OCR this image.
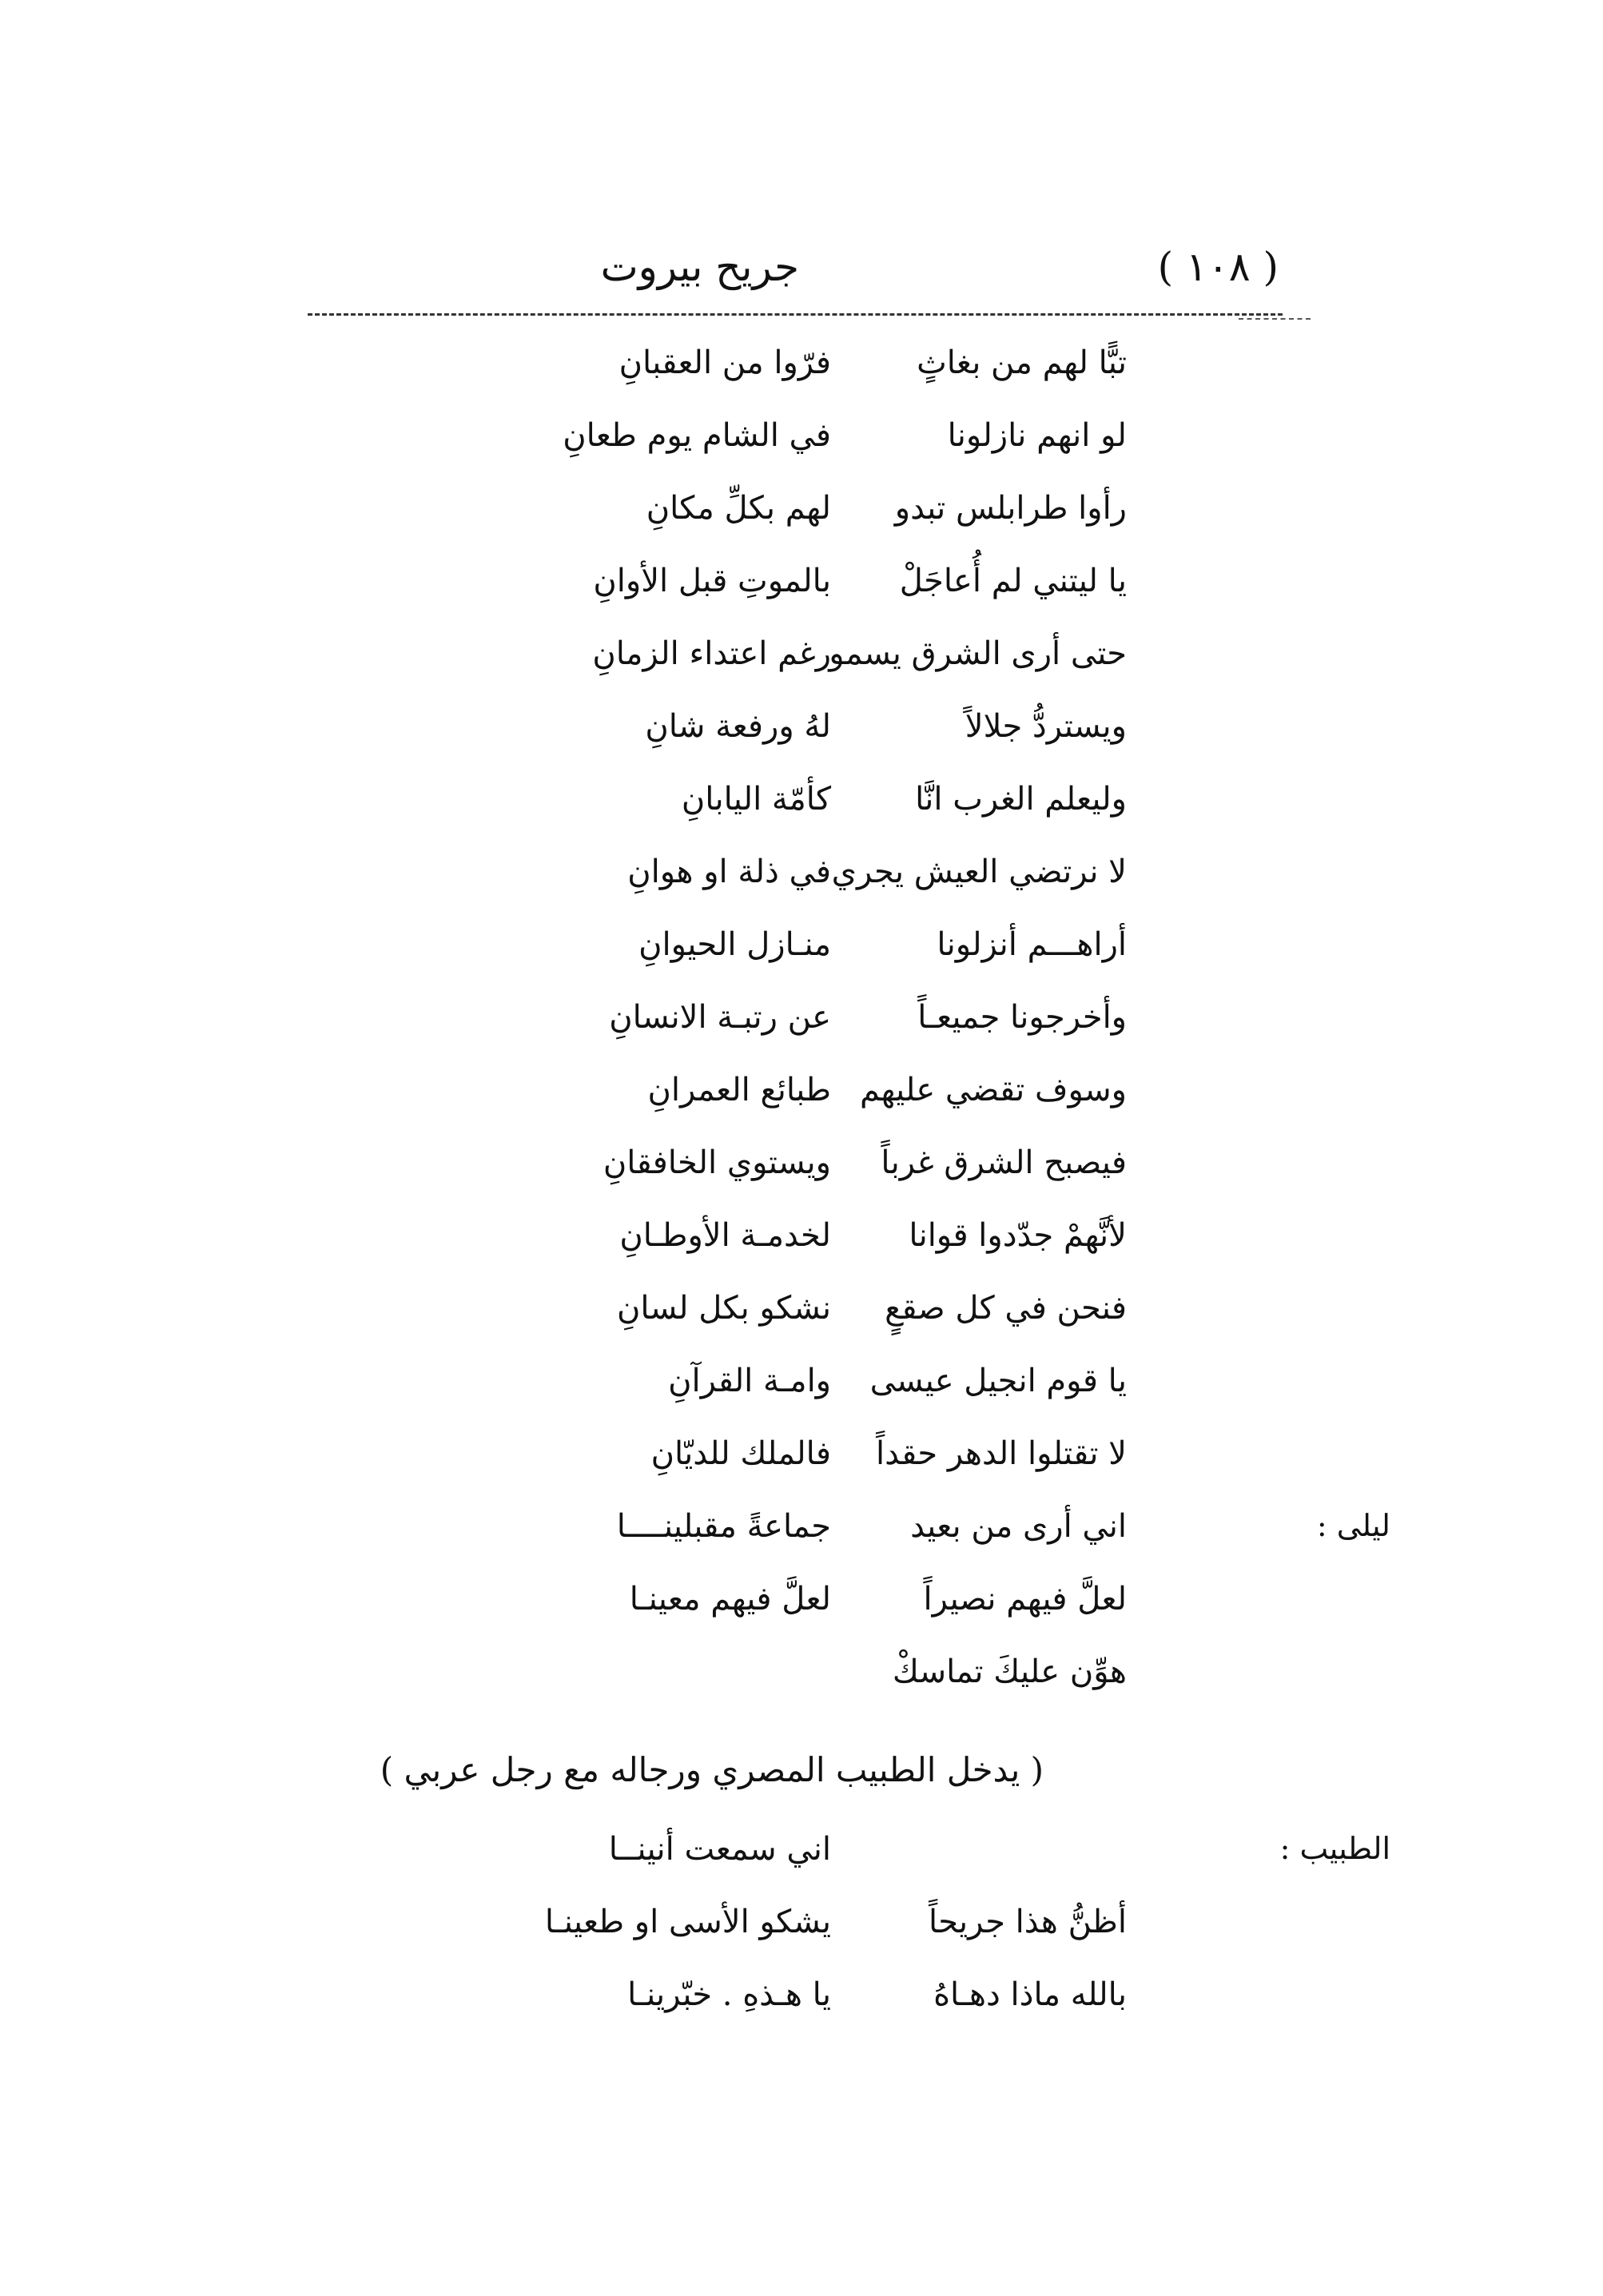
( ١٠٨ )
جريح بيروت
تبًّا لهم من بغاثٍ
فرّوا من العقبانِ
لو انهم نازلونا
في الشام يوم طعانِ
رأوا طرابلس تبدو
لهم بكلِّ مكانِ
يا ليتني لم أُعاجَلْ
بالموتِ قبل الأوانِ
حتى أرى الشرق يسمو
رغم اعتداء الزمانِ
ويستردُّ جلالاً
لهُ ورفعة شانِ
وليعلم الغرب انَّا
كأمّة اليابانِ
لا نرتضي العيش يجري
في ذلة او هوانِ
أراهـــم أنزلونا
منـازل الحيوانِ
وأخرجونا جميعـاً
عن رتبـة الانسانِ
وسوف تقضي عليهم
طبائع العمرانِ
فيصبح الشرق غرباً
ويستوي الخافقانِ
لأنَّهمْ جدّدوا قوانا
لخدمـة الأوطـانِ
فنحن في كل صقعٍ
نشكو بكل لسانِ
يا قوم انجيل عيسى
وامـة القرآنِ
لا تقتلوا الدهر حقداً
فالملك للديّانِ
ليلى :
اني أرى من بعيد
جماعةً مقبلينــــا
لعلَّ فيهم نصيراً
لعلَّ فيهم معينـا
هوِّن عليكَ تماسكْ
( يدخل الطبيب المصري ورجاله مع رجل عربي )
الطبيب :
اني سمعت أنينــا
أظنُّ هذا جريحاً
يشكو الأسى او طعينـا
بالله ماذا دهـاهُ
يا هـذهِ . خبّرينـا
